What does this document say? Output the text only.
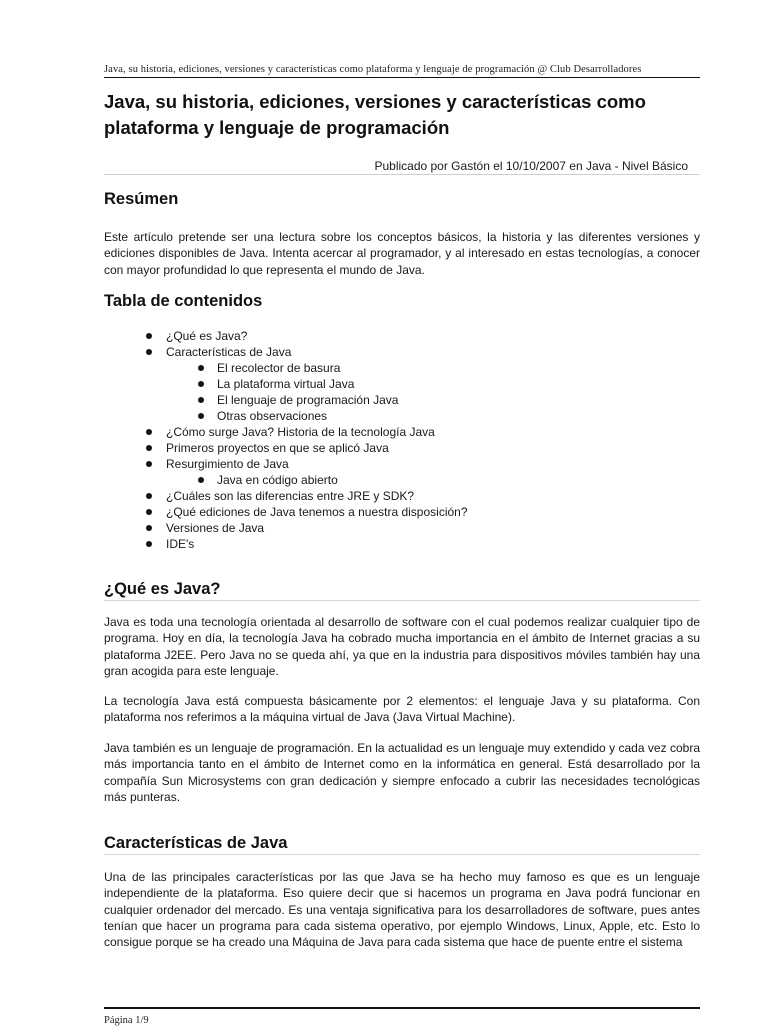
Java, su historia, ediciones, versiones y características como plataforma y lenguaje de programación @ Club Desarrolladores
Java, su historia, ediciones, versiones y características como
plataforma y lenguaje de programación
Publicado por Gastón el 10/10/2007 en Java - Nivel Básico
Resúmen

Este artículo pretende ser una lectura sobre los conceptos básicos, la historia y las diferentes versiones y ediciones disponibles de Java. Intenta acercar al programador, y al interesado en estas tecnologías, a conocer con mayor profundidad lo que representa el mundo de Java.

Tabla de contenidos
¿Qué es Java?
Características de Java
El recolector de basura
La plataforma virtual Java
El lenguaje de programación Java
Otras observaciones
¿Cómo surge Java? Historia de la tecnología Java
Primeros proyectos en que se aplicó Java
Resurgimiento de Java
Java en código abierto
¿Cuáles son las diferencias entre JRE y SDK?
¿Qué ediciones de Java tenemos a nuestra disposición?
Versiones de Java
IDE's
¿Qué es Java?

Java es toda una tecnología orientada al desarrollo de software con el cual podemos realizar cualquier tipo de programa. Hoy en día, la tecnología Java ha cobrado mucha importancia en el ámbito de Internet gracias a su plataforma J2EE. Pero Java no se queda ahí, ya que en la industria para dispositivos móviles también hay una gran acogida para este lenguaje.

La tecnología Java está compuesta básicamente por 2 elementos: el lenguaje Java y su plataforma. Con plataforma nos referimos a la máquina virtual de Java (Java Virtual Machine).

Java también es un lenguaje de programación. En la actualidad es un lenguaje muy extendido y cada vez cobra más importancia tanto en el ámbito de Internet como en la informática en general. Está desarrollado por la compañía Sun Microsystems con gran dedicación y siempre enfocado a cubrir las necesidades tecnológicas más punteras.

Características de Java

Una de las principales características por las que Java se ha hecho muy famoso es que es un lenguaje independiente de la plataforma. Eso quiere decir que si hacemos un programa en Java podrá funcionar en cualquier ordenador del mercado. Es una ventaja significativa para los desarrolladores de software, pues antes tenían que hacer un programa para cada sistema operativo, por ejemplo Windows, Linux, Apple, etc. Esto lo consigue porque se ha creado una Máquina de Java para cada sistema que hace de puente entre el sistema

Página 1/9
